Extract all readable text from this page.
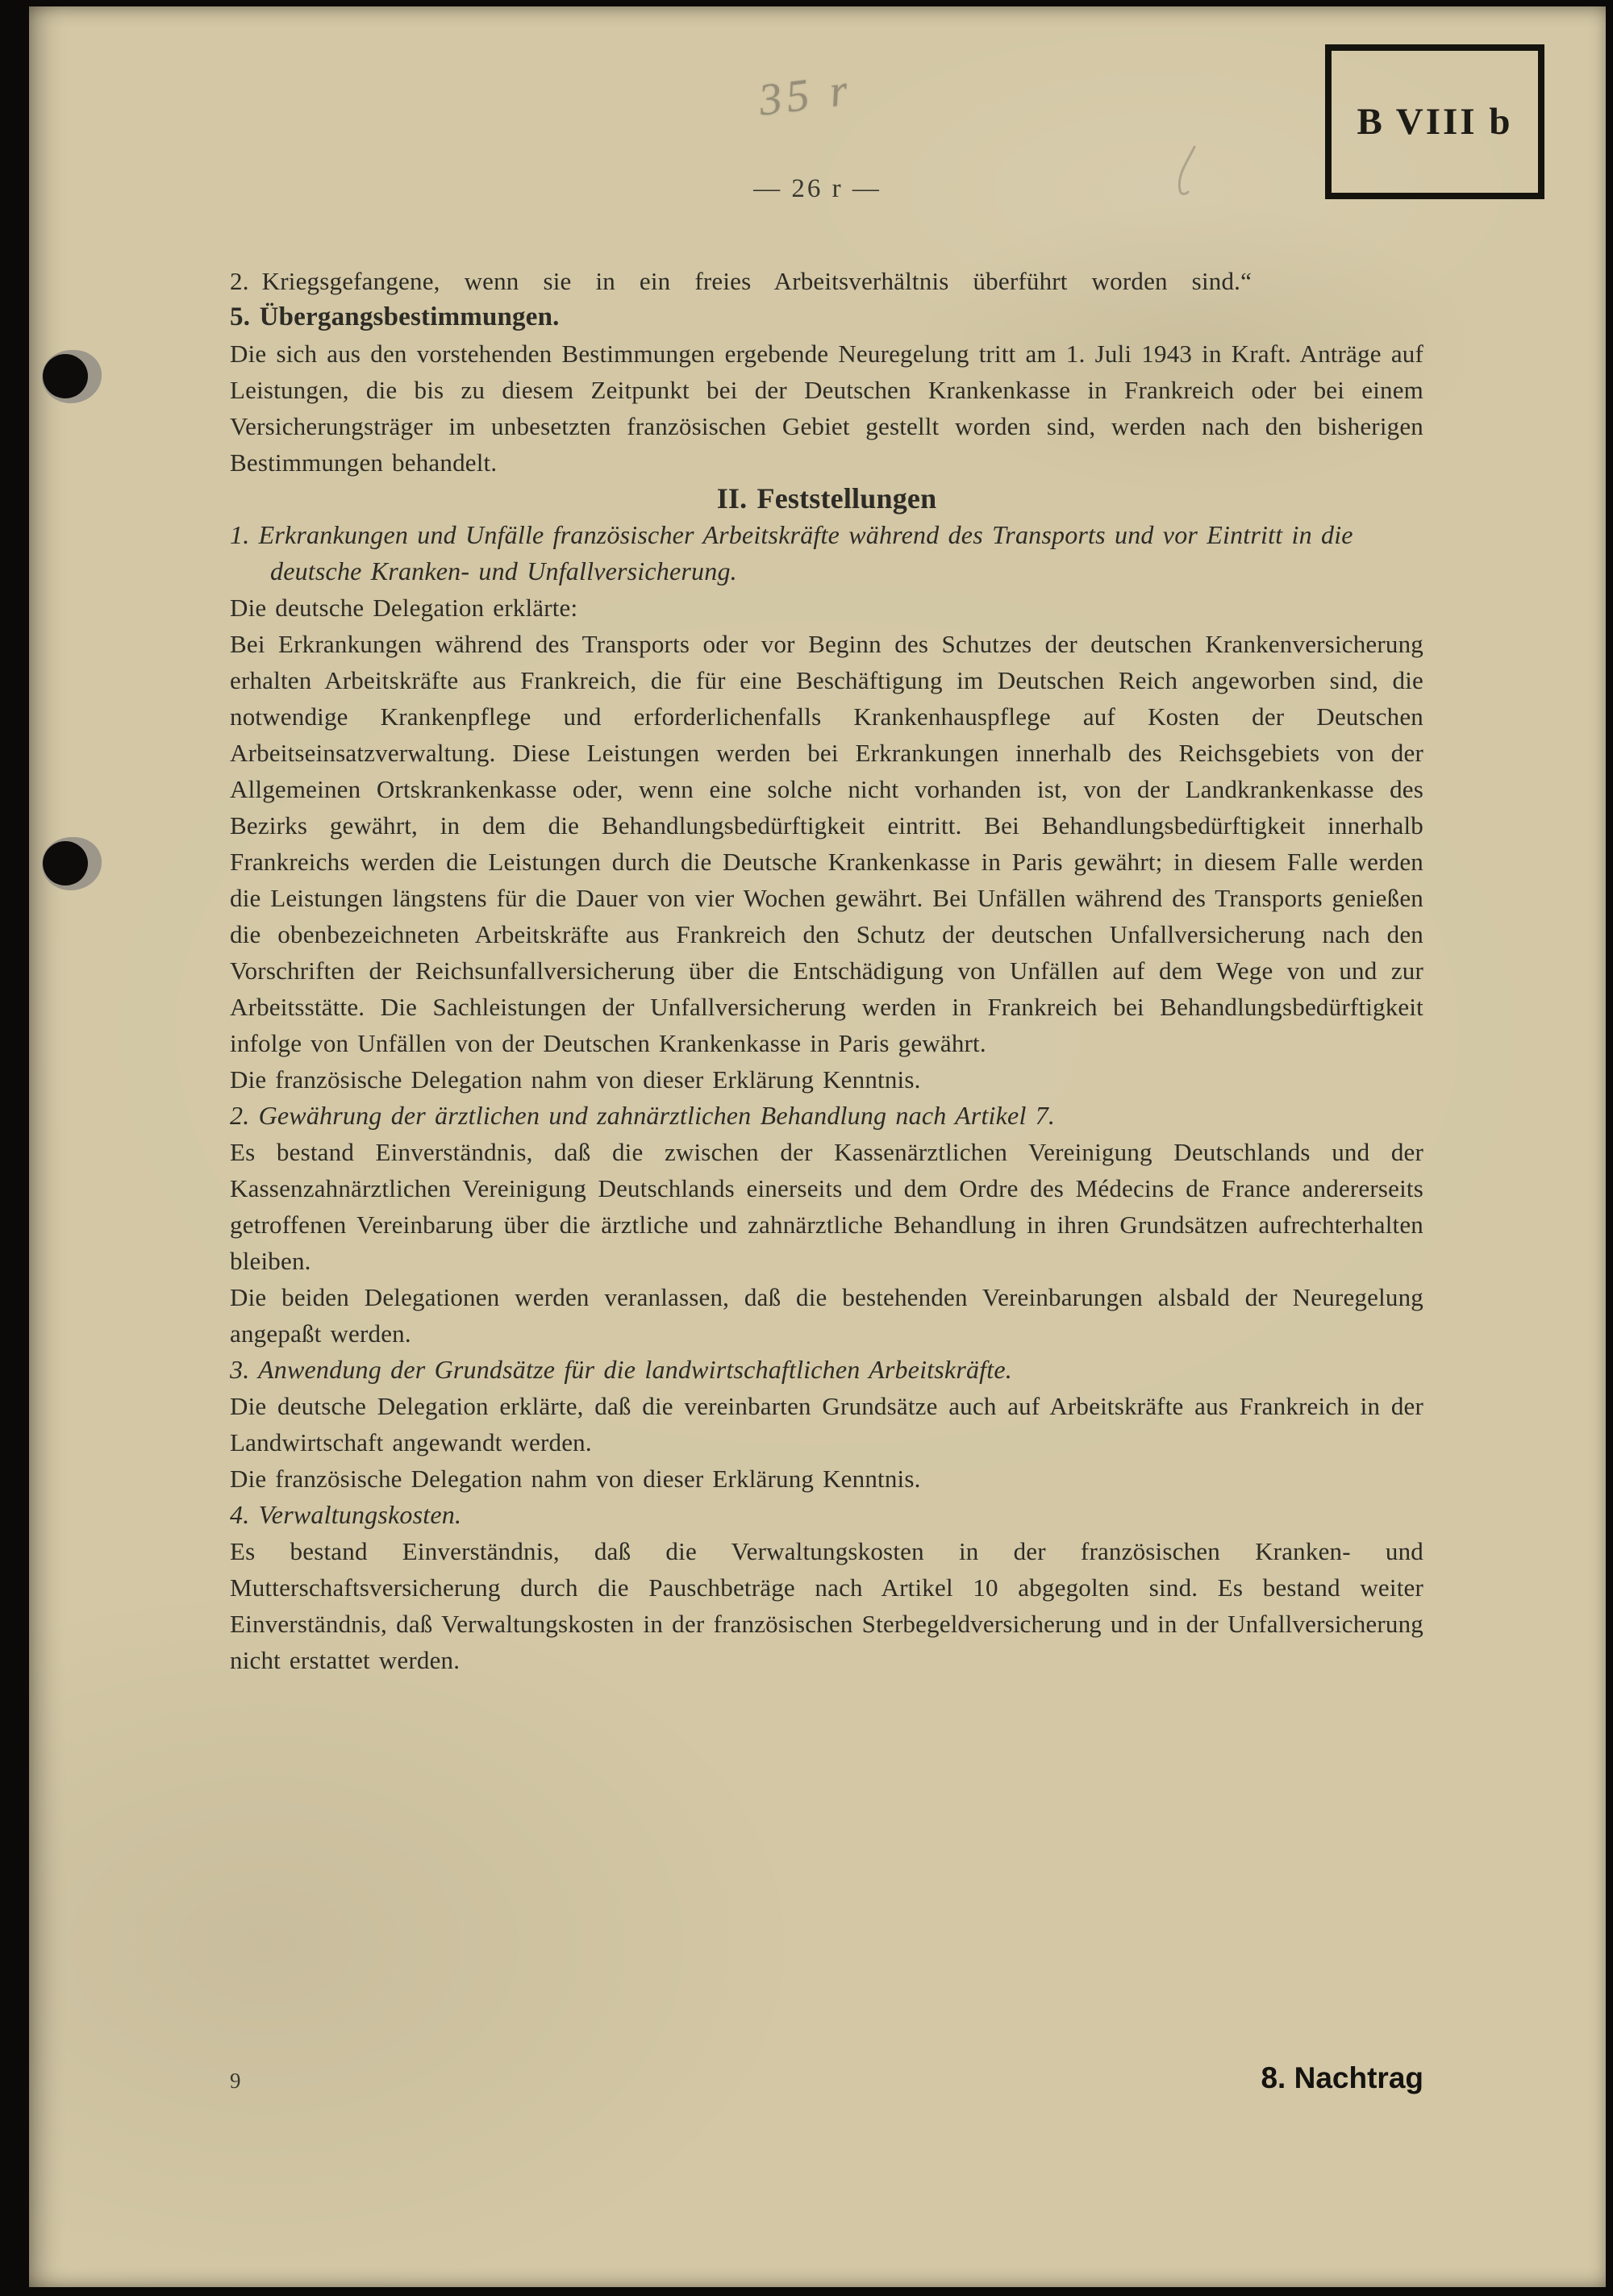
B VIII b
— 26 r —
35 r

2. Kriegsgefangene, wenn sie in ein freies Arbeitsverhältnis überführt worden sind.“

5. Übergangsbestimmungen.

Die sich aus den vorstehenden Bestimmungen ergebende Neuregelung tritt am 1. Juli 1943 in Kraft. Anträge auf Leistungen, die bis zu diesem Zeitpunkt bei der Deutschen Krankenkasse in Frankreich oder bei einem Versicherungsträger im unbesetzten französischen Gebiet gestellt worden sind, werden nach den bisherigen Bestimmungen behandelt.

II. Feststellungen

1. Erkrankungen und Unfälle französischer Arbeitskräfte während des Transports und vor Eintritt in die deutsche Kranken- und Unfallversicherung.

Die deutsche Delegation erklärte:

Bei Erkrankungen während des Transports oder vor Beginn des Schutzes der deutschen Krankenversicherung erhalten Arbeitskräfte aus Frankreich, die für eine Beschäftigung im Deutschen Reich angeworben sind, die notwendige Krankenpflege und erforderlichenfalls Krankenhauspflege auf Kosten der Deutschen Arbeitseinsatzverwaltung. Diese Leistungen werden bei Erkrankungen innerhalb des Reichsgebiets von der Allgemeinen Ortskrankenkasse oder, wenn eine solche nicht vorhanden ist, von der Landkrankenkasse des Bezirks gewährt, in dem die Behandlungsbedürftigkeit eintritt. Bei Behandlungsbedürftigkeit innerhalb Frankreichs werden die Leistungen durch die Deutsche Krankenkasse in Paris gewährt; in diesem Falle werden die Leistungen längstens für die Dauer von vier Wochen gewährt. Bei Unfällen während des Transports genießen die obenbezeichneten Arbeitskräfte aus Frankreich den Schutz der deutschen Unfallversicherung nach den Vorschriften der Reichsunfallversicherung über die Entschädigung von Unfällen auf dem Wege von und zur Arbeitsstätte. Die Sachleistungen der Unfallversicherung werden in Frankreich bei Behandlungsbedürftigkeit infolge von Unfällen von der Deutschen Krankenkasse in Paris gewährt.

Die französische Delegation nahm von dieser Erklärung Kenntnis.

2. Gewährung der ärztlichen und zahnärztlichen Behandlung nach Artikel 7.

Es bestand Einverständnis, daß die zwischen der Kassenärztlichen Vereinigung Deutschlands und der Kassenzahnärztlichen Vereinigung Deutschlands einerseits und dem Ordre des Médecins de France andererseits getroffenen Vereinbarung über die ärztliche und zahnärztliche Behandlung in ihren Grundsätzen aufrechterhalten bleiben.

Die beiden Delegationen werden veranlassen, daß die bestehenden Vereinbarungen alsbald der Neuregelung angepaßt werden.

3. Anwendung der Grundsätze für die landwirtschaftlichen Arbeitskräfte.

Die deutsche Delegation erklärte, daß die vereinbarten Grundsätze auch auf Arbeitskräfte aus Frankreich in der Landwirtschaft angewandt werden.

Die französische Delegation nahm von dieser Erklärung Kenntnis.

4. Verwaltungskosten.

Es bestand Einverständnis, daß die Verwaltungskosten in der französischen Kranken- und Mutterschaftsversicherung durch die Pauschbeträge nach Artikel 10 abgegolten sind. Es bestand weiter Einverständnis, daß Verwaltungskosten in der französischen Sterbegeldversicherung und in der Unfallversicherung nicht erstattet werden.

9	8. Nachtrag
